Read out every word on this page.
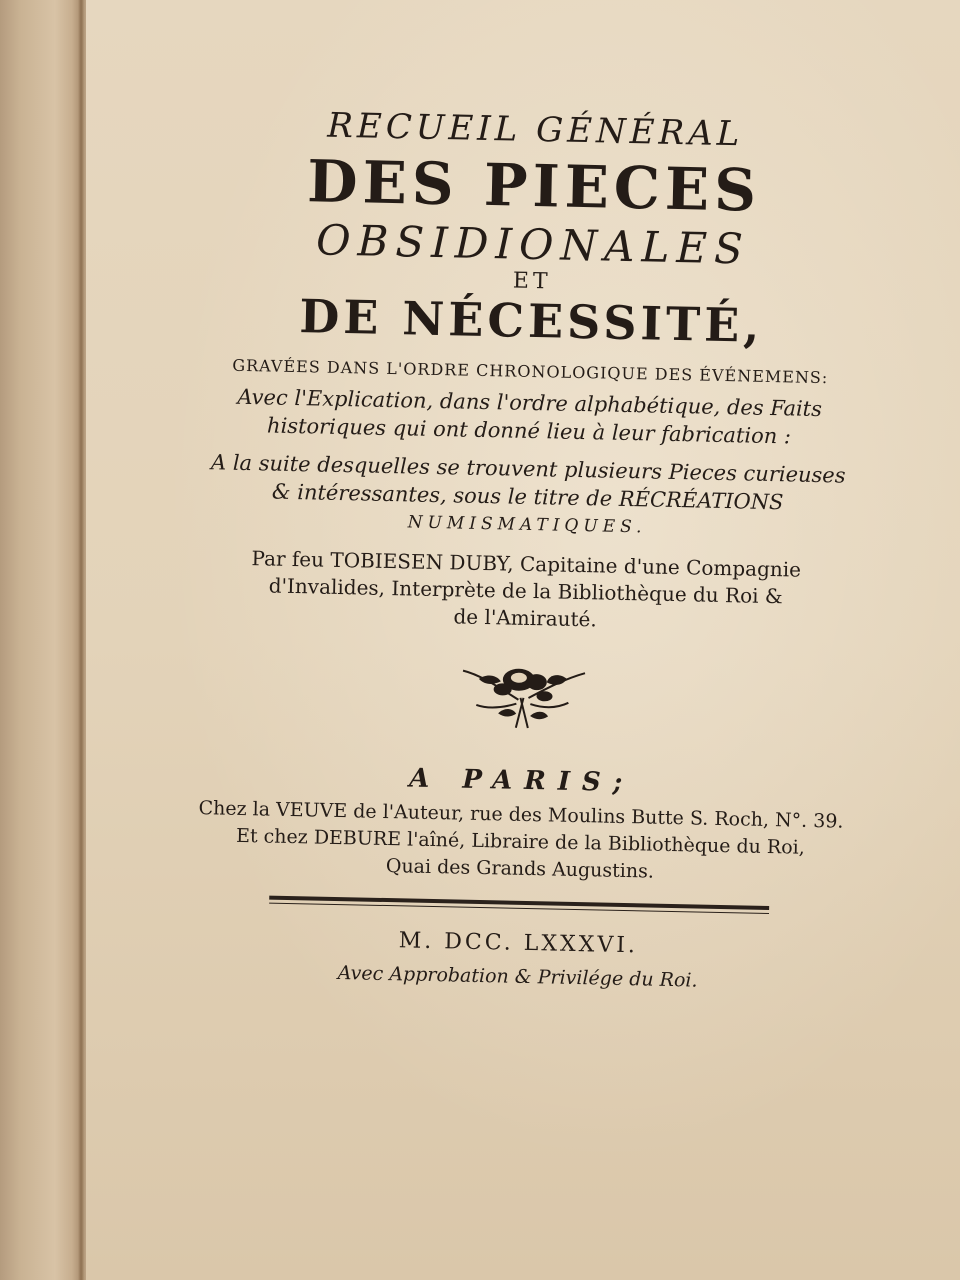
RECUEIL GÉNÉRAL
DES PIECES
OBSIDIONALES
ET
DE NÉCESSITÉ,
GRAVÉES DANS L'ORDRE CHRONOLOGIQUE DES ÉVÉNEMENS:
Avec l'Explication, dans l'ordre alphabétique, des Faits
historiques qui ont donné lieu à leur fabrication :
A la suite desquelles se trouvent plusieurs Pieces curieuses
& intéressantes, sous le titre de RÉCRÉATIONS
NUMISMATIQUES.
Par feu TOBIESEN DUBY, Capitaine d'une Compagnie
d'Invalides, Interprète de la Bibliothèque du Roi &
de l'Amirauté.
A PARIS;
Chez la VEUVE de l'Auteur, rue des Moulins Butte S. Roch, N°. 39.
Et chez DEBURE l'aîné, Libraire de la Bibliothèque du Roi,
Quai des Grands Augustins.
M. DCC. LXXXVI.
Avec Approbation & Privilége du Roi.
